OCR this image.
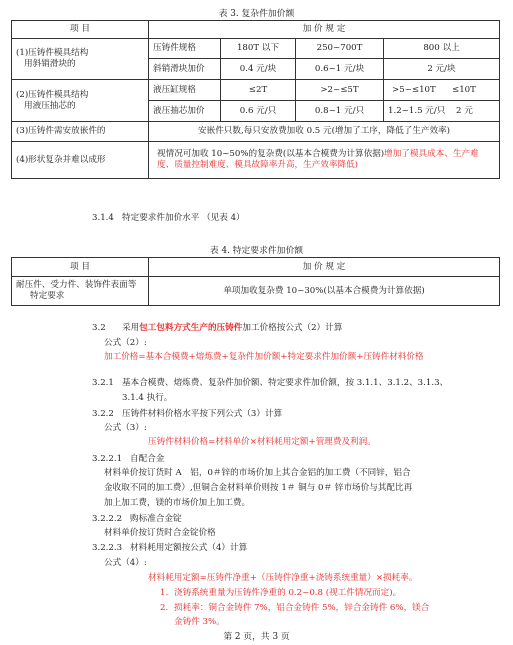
表 3. 复杂件加价额
项 目	加 价 规 定			

(1)压铸件模具结构
用斜销滑块的	压铸件规格	180T 以下	250~700T	800 以上
	斜销滑块加价	0.4 元/块	0.6~1 元/块	2 元/块

(2)压铸件模具结构
用液压抽芯的	液压缸规格	≤2T	>2~≤5T	>5~≤10T ≤10T
	液压抽芯加价	0.6 元/只	0.8~1 元/只	1.2~1.5 元/只 2 元
(3)压铸件需安放嵌件的	安嵌件只数,每只安放费加收 0.5 元(增加了工序，降低了生产效率)			
(4)形状复杂并难以成形	视情况可加收 10~50%的复杂费(以基本合模费为计算依据)增加了模具成本、生产难度、质量控制难度、模具故障率升高，生产效率降低)			
3.1.4 特定要求件加价水平 （见表 4）
表 4. 特定要求件加价额
项 目	加 价 规 定

耐压件、受力件、装饰件表面等
特定要求	单项加收复杂费 10~30%(以基本合模费为计算依据)
3.2 采用包工包料方式生产的压铸件加工价格按公式（2）计算
公式（2）:
加工价格=基本合模费+熔炼费+复杂件加价额+特定要求件加价额+压铸件材料价格
3.2.1 基本合模费、熔炼费、复杂件加价额、特定要求件加价额，按 3.1.1、3.1.2、3.1.3、
3.1.4 执行。
3.2.2 压铸件材料价格水平按下列公式（3）计算
公式（3）:
压铸件材料价格=材料单价×材料耗用定额+管理费及利润。
3.2.2.1 自配合金
材料单价按订货时 A　铝，0＃锌的市场价加上其合金铝的加工费（不同锌，铝合
金收取不同的加工费）,但铜合金材料单价则按 1＃ 铜与 0＃ 锌市场价与其配比再
加上加工费，镁的市场价加上加工费。
3.2.2.2 购标准合金锭
材料单价按订货时合金锭价格
3.2.2.3 材料耗用定额按公式（4）计算
公式（4）:
材料耗用定额=压铸件净重+（压铸件净重+浇铸系统重量）×损耗率。
1. 浇铸系统重量为压铸件净重的 0.2~0.8 (视工件情况而定)。
2. 损耗率：铜合金铸件 7%，铝合金铸件 5%，锌合金铸件 6%，镁合
金铸件 3%。
第 2 页，共 3 页
